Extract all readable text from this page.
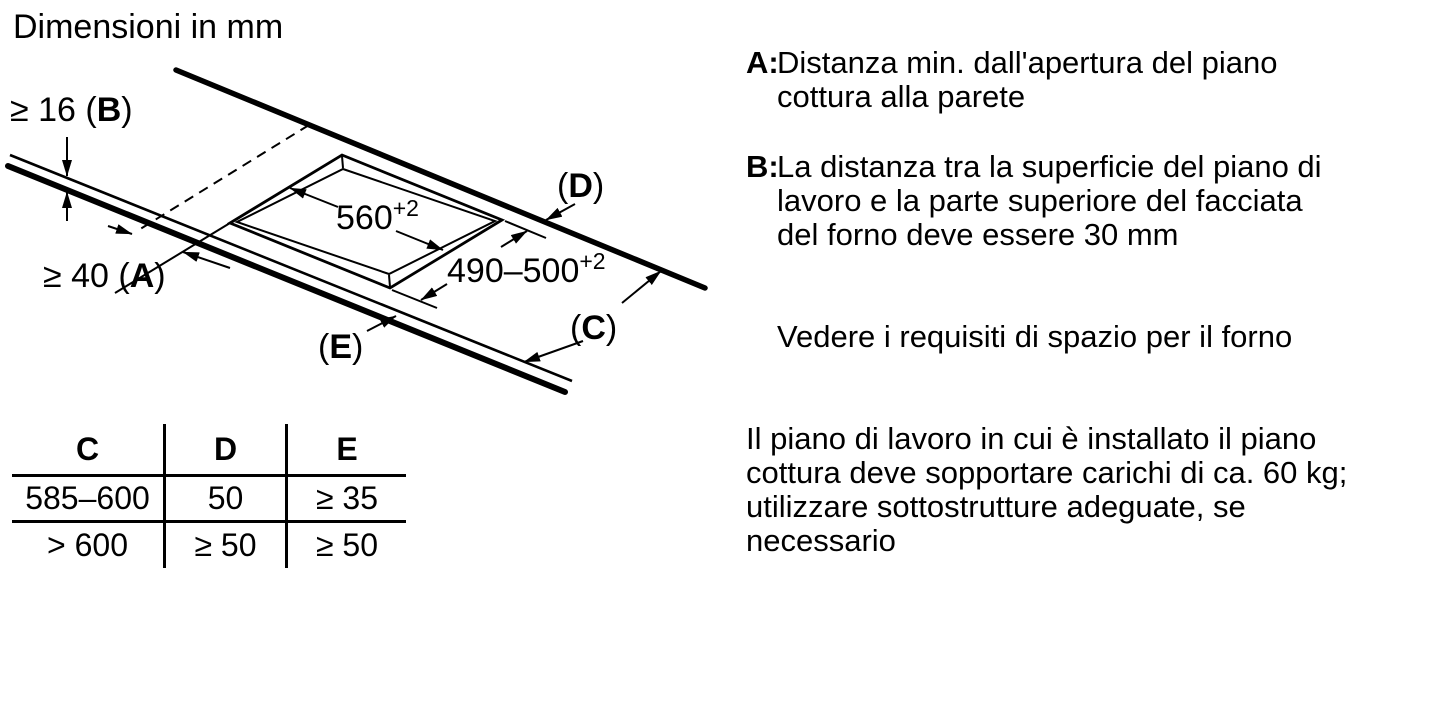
Dimensioni in mm
≥ 16 (B)
≥ 40 (A)
$560^{+2}$
$490-500^{+2}$
(D)
(C)
(E)
C	D	E
585–600	50	≥ 35
> 600	≥ 50	≥ 50
A:
Distanza min. dall'apertura del piano
cottura alla parete
B:
La distanza tra la superficie del piano di
lavoro e la parte superiore del facciata
del forno deve essere 30 mm
Vedere i requisiti di spazio per il forno
Il piano di lavoro in cui è installato il piano
cottura deve sopportare carichi di ca. 60 kg;
utilizzare sottostrutture adeguate, se
necessario
